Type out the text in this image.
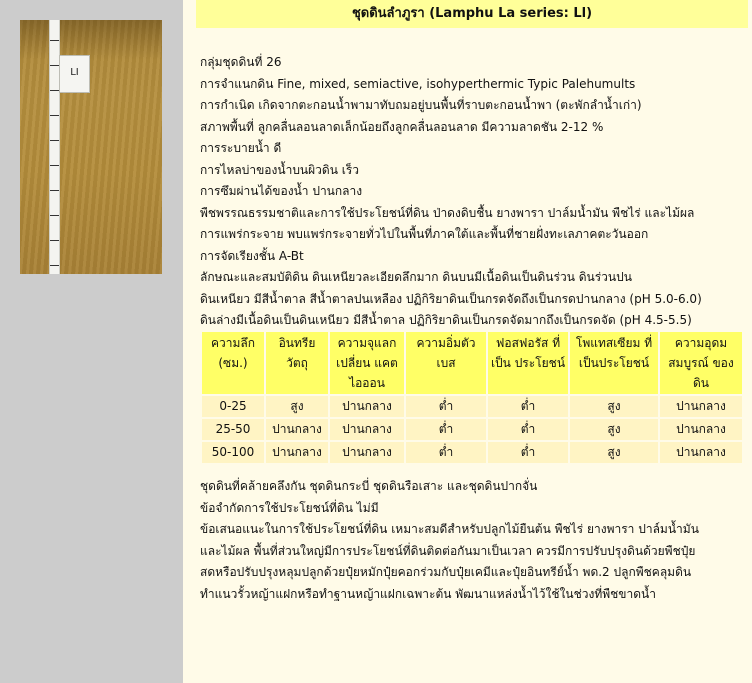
LI
ชุดดินลำภูรา (Lamphu La series: Ll)
กลุ่มชุดดินที่ 26
การจำแนกดิน Fine, mixed, semiactive, isohyperthermic Typic Palehumults
การกำเนิด เกิดจากตะกอนน้ำพามาทับถมอยู่บนพื้นที่ราบตะกอนน้ำพา (ตะพักลำน้ำเก่า)
สภาพพื้นที่ ลูกคลื่นลอนลาดเล็กน้อยถึงลูกคลื่นลอนลาด มีความลาดชัน 2-12 %
การระบายน้ำ ดี
การไหลบ่าของน้ำบนผิวดิน เร็ว
การซึมผ่านได้ของน้ำ ปานกลาง
พืชพรรณธรรมชาติและการใช้ประโยชน์ที่ดิน ป่าดงดิบชื้น ยางพารา ปาล์มน้ำมัน พืชไร่ และไม้ผล
การแพร่กระจาย พบแพร่กระจายทั่วไปในพื้นที่ภาคใต้และพื้นที่ชายฝั่งทะเลภาคตะวันออก
การจัดเรียงชั้น A-Bt
ลักษณะและสมบัติดิน ดินเหนียวละเอียดลึกมาก ดินบนมีเนื้อดินเป็นดินร่วน ดินร่วนปน
ดินเหนียว มีสีน้ำตาล สีน้ำตาลปนเหลือง ปฏิกิริยาดินเป็นกรดจัดถึงเป็นกรดปานกลาง (pH 5.0-6.0)
ดินล่างมีเนื้อดินเป็นดินเหนียว มีสีน้ำตาล ปฏิกิริยาดินเป็นกรดจัดมากถึงเป็นกรดจัด (pH 4.5-5.5)
ความลึก (ซม.)	อินทรีย วัตถุ	ความจุแลก เปลี่ยน แคตไอออน	ความอิ่มตัว เบส	ฟอสฟอรัส ที่เป็น ประโยชน์	โพแทสเซียม ที่เป็นประโยชน์	ความอุดม สมบูรณ์ ของดิน
0-25	สูง	ปานกลาง	ต่ำ	ต่ำ	สูง	ปานกลาง
25-50	ปานกลาง	ปานกลาง	ต่ำ	ต่ำ	สูง	ปานกลาง
50-100	ปานกลาง	ปานกลาง	ต่ำ	ต่ำ	สูง	ปานกลาง
ชุดดินที่คล้ายคลึงกัน ชุดดินกระบี่ ชุดดินรือเสาะ และชุดดินปากจั่น
ข้อจำกัดการใช้ประโยชน์ที่ดิน ไม่มี
ข้อเสนอแนะในการใช้ประโยชน์ที่ดิน เหมาะสมดีสำหรับปลูกไม้ยืนต้น พืชไร่ ยางพารา ปาล์มน้ำมัน
และไม้ผล พื้นที่ส่วนใหญ่มีการประโยชน์ที่ดินติดต่อกันมาเป็นเวลา ควรมีการปรับปรุงดินด้วยพืชปุ๋ย
สดหรือปรับปรุงหลุมปลูกด้วยปุ๋ยหมักปุ๋ยคอกร่วมกับปุ๋ยเคมีและปุ๋ยอินทรีย์น้ำ พด.2 ปลูกพืชคลุมดิน
ทำแนวรั้วหญ้าแฝกหรือทำฐานหญ้าแฝกเฉพาะต้น พัฒนาแหล่งน้ำไว้ใช้ในช่วงที่พืชขาดน้ำ
